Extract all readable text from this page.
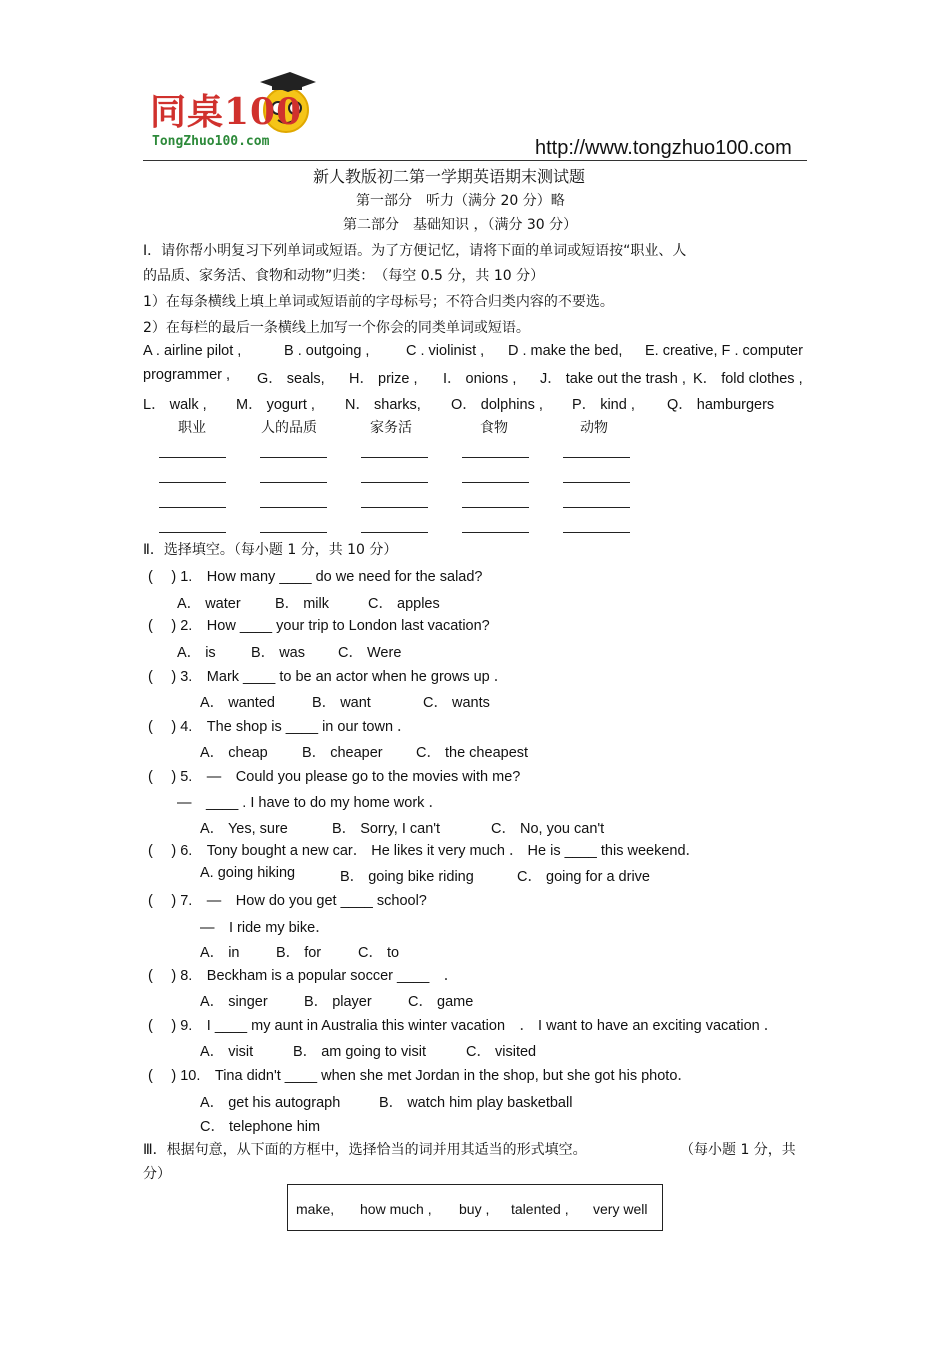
同桌100
TongZhuo100.com	http://www.tongzhuo100.com
新人教版初二第一学期英语期末测试题
第一部分　听力（满分 20 分）略
第二部分　基础知识 ，（满分 30 分）
Ⅰ．请你帮小明复习下列单词或短语。为了方便记忆，请将下面的单词或短语按“职业、人
的品质、家务活、食物和动物”归类：　（每空 0.5 分，共 10 分）
1）在每条横线上填上单词或短语前的字母标号；不符合归类内容的不要选。
2）在每栏的最后一条横线上加写一个你会的同类单词或短语。
A . airline pilot ,	B . outgoing ,	C . violinist , D . make the bed, E. creative, F . computer
programmer , G． seals, H． prize , I． onions , J． take out the trash , K． fold clothes ,
L． walk , M． yogurt , N． sharks, O． dolphins , P． kind , Q． hamburgers
职业	人的品质	家务活	食物	动物
Ⅱ．选择填空。（每小题 1 分，共 10 分）
(　 ) 1.　How many ____ do we need for the salad?
A． water B． milk	C． apples
(　 ) 2.　How ____ your trip to London last vacation?
A． is B． was C． Were
(　 ) 3.　Mark ____ to be an actor when he grows up ．
A． wanted	B． want	C． wants
(　 ) 4.　The shop is ____ in our town ．
A． cheap B． cheaper C． the cheapest
(　 ) 5.　—　Could you please go to the movies with me?
—　____ . I have to do my home work ．
A． Yes, sure	B． Sorry, I can't	C． No, you can't
(　 ) 6.　Tony bought a new car． He likes it very much ． He is ____ this weekend．
A. going hiking	B． going bike riding	C． going for a drive
(　 ) 7.　—　How do you get ____ school?
—　I ride my bike．
A． in	B． for	C． to
(　 ) 8.　Beckham is a popular soccer ____　．
A． singer	B． player	C． game
(　 ) 9.　I ____ my aunt in Australia this winter vacation　． I want to have an exciting vacation ．
A． visit	B． am going to visit	C． visited
(　 ) 10.　Tina didn't ____ when she met Jordan in the shop, but she got his photo．
A． get his autograph	B． watch him play basketball
C． telephone him
Ⅲ．根据句意，从下面的方框中，选择恰当的词并用其适当的形式填空。	（每小题 1 分，共
分）
make, how much , buy , talented , very well
